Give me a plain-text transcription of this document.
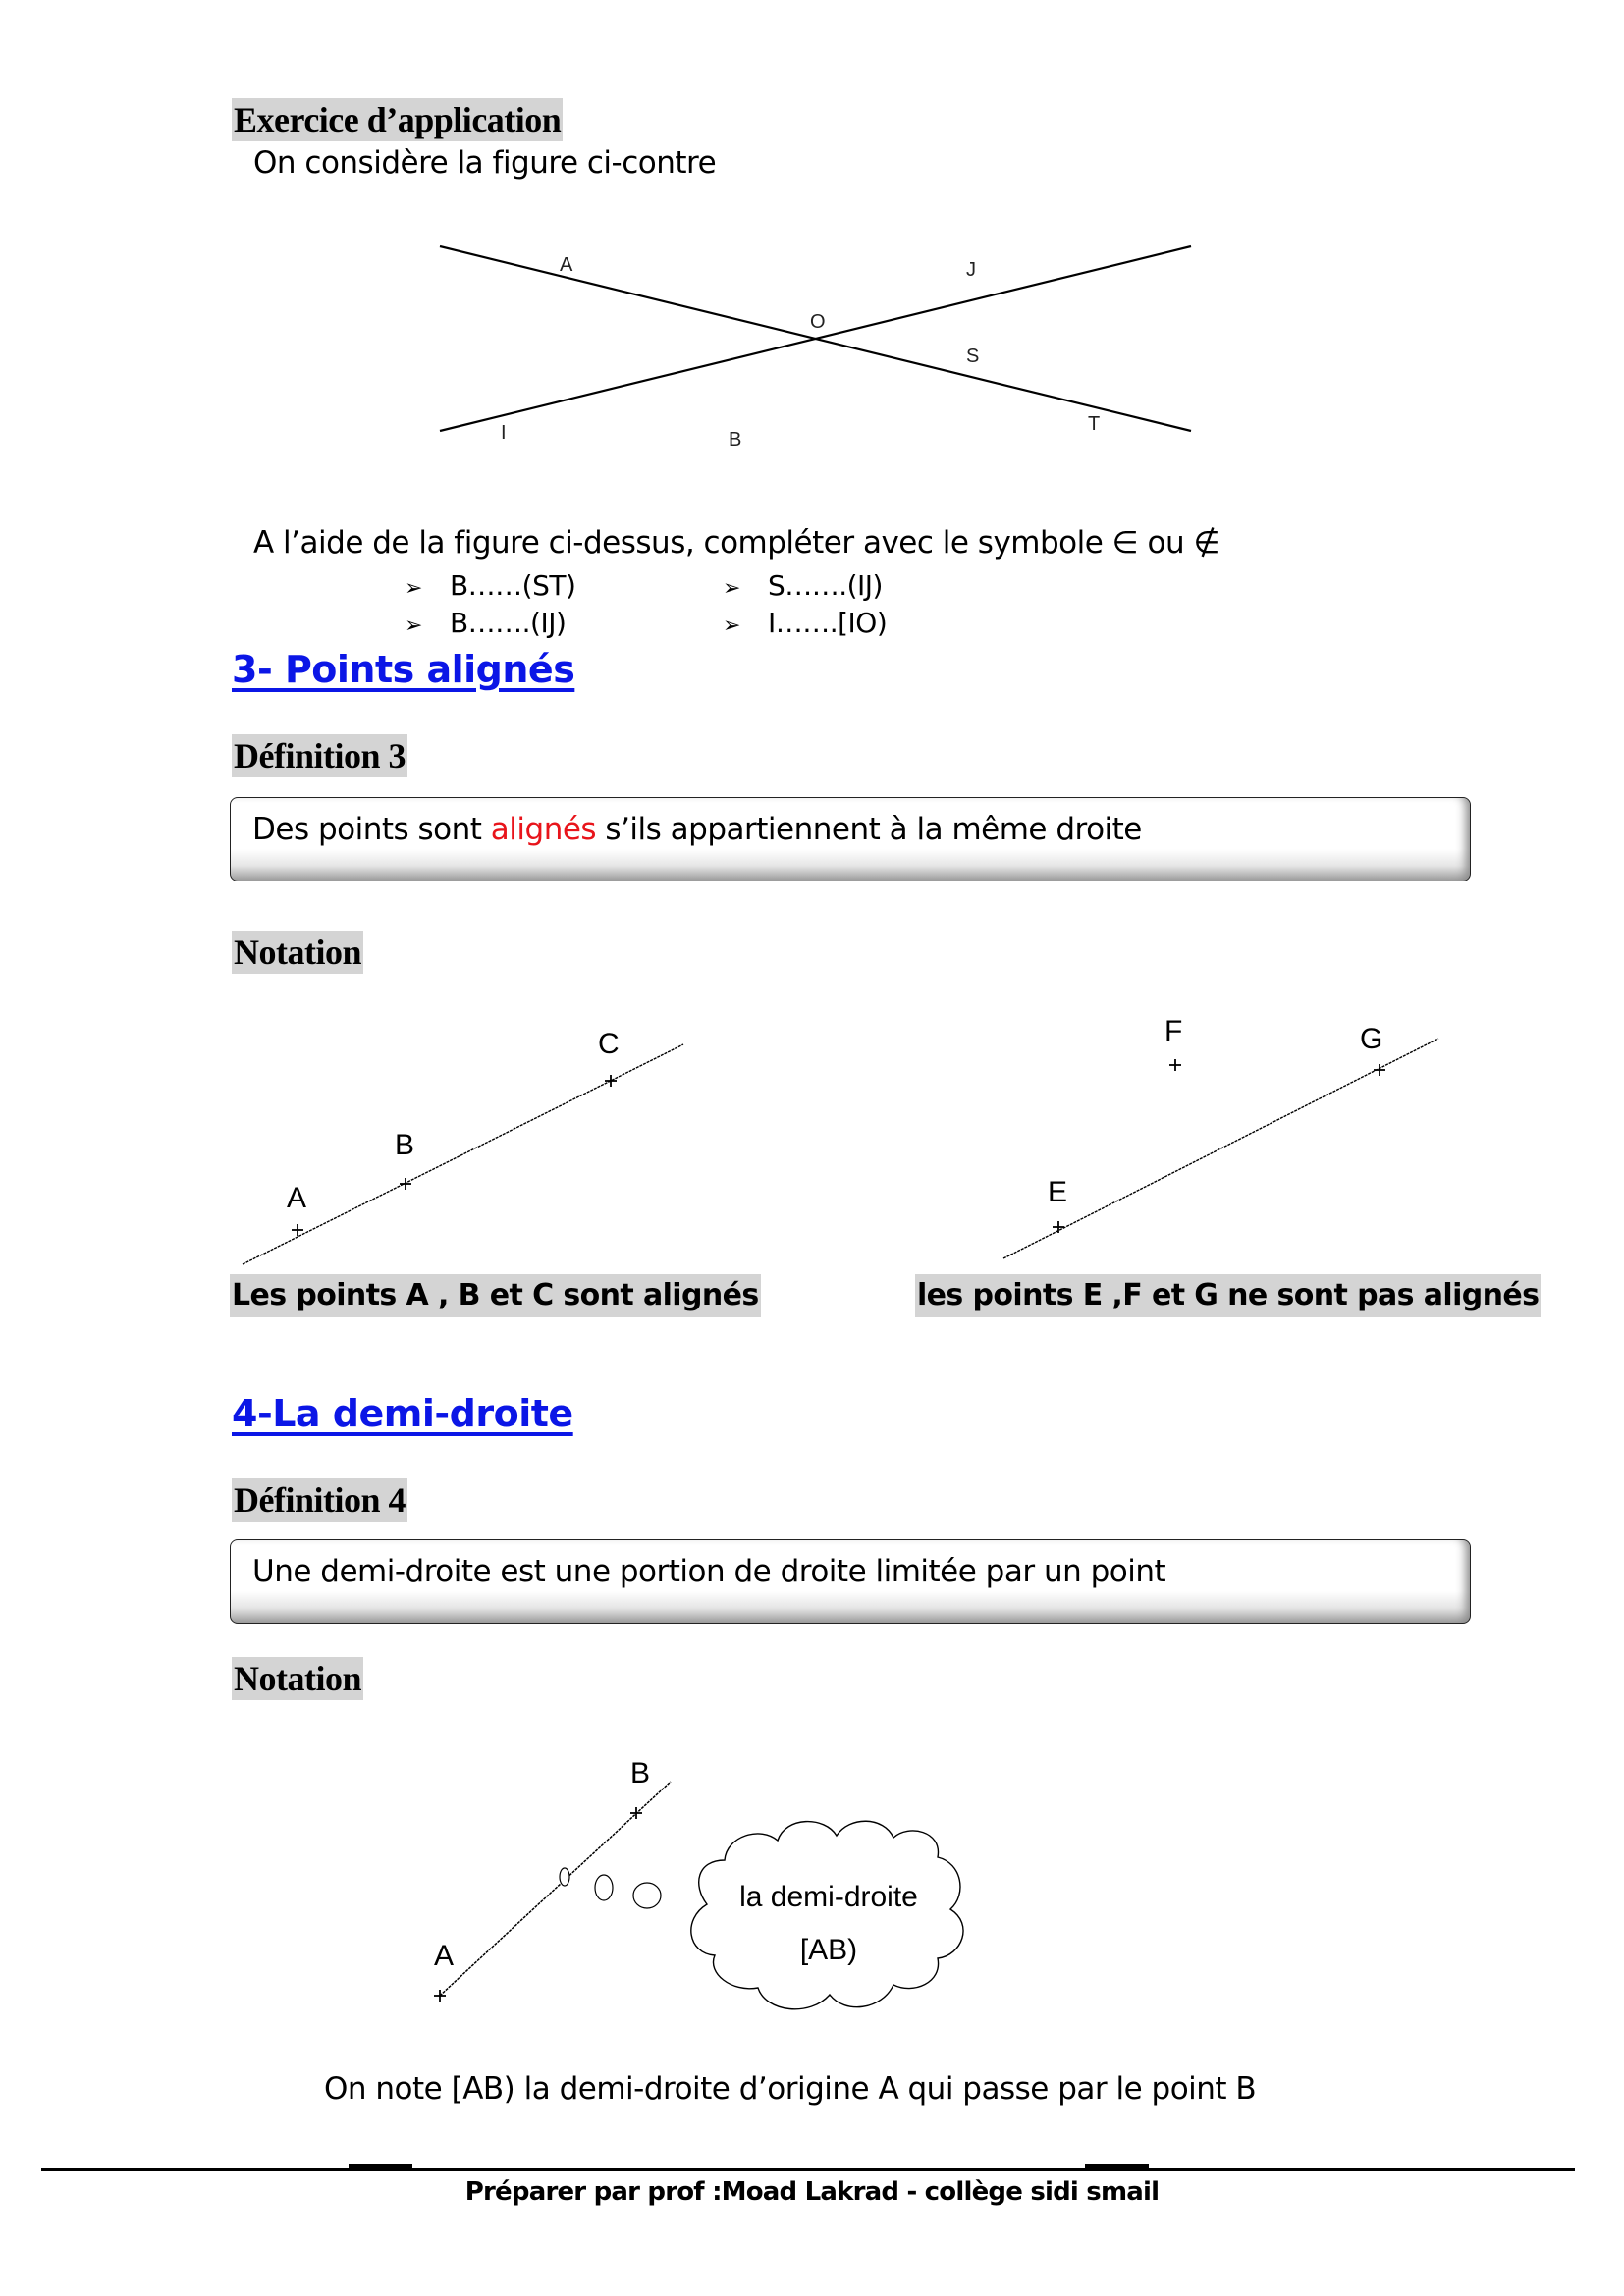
Exercice d’application
On considère la figure ci-contre
A
O
J
S
I	B
T
A l’aide de la figure ci-dessus, compléter avec le symbole ∈ ou ∉
➢ B……(ST)	➢ S…….(IJ)
➢ B…….(IJ)	➢ I…….[IO)
3- Points alignés
Définition 3
Des points sont alignés s’ils appartiennent à la même droite
Notation
A
B
C
E
F	G
Les points A , B et C sont alignés	les points E ,F et G ne sont pas alignés
4-La demi-droite
Définition 4
Une demi-droite est une portion de droite limitée par un point
Notation
A
B
la demi-droite
[AB)
On note [AB) la demi-droite d’origine A qui passe par le point B
Préparer par prof :Moad Lakrad - collège sidi smail
